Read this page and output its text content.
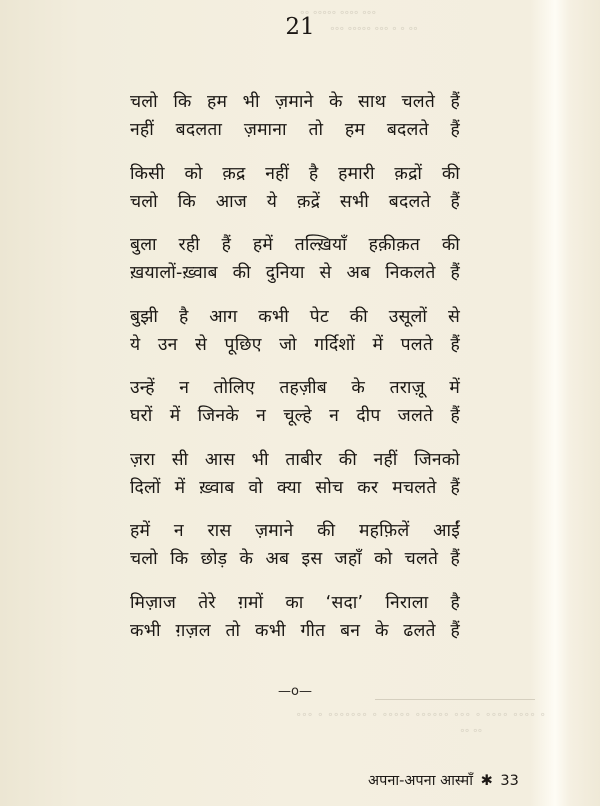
॰॰॰ ॰॰॰॰ ॰॰॰॰॰ ॰॰
॰॰ ॰ ॰ ॰॰॰ ॰॰॰॰॰ ॰॰॰
॰ ॰॰॰॰ ॰॰॰॰ ॰ ॰॰॰ ॰॰॰॰॰॰ ॰॰॰॰॰ ॰ ॰॰॰॰॰॰॰ ॰ ॰॰॰
॰॰ ॰॰
21
चलो कि हम भी ज़माने के साथ चलते हैं
नहीं बदलता ज़माना तो हम बदलते हैं
किसी को क़द्र नहीं है हमारी क़द्रों की
चलो कि आज ये क़द्रें सभी बदलते हैं
बुला रही हैं हमें तल्ख़ियाँ हक़ीक़त की
ख़यालों-ख़्वाब की दुनिया से अब निकलते हैं
बुझी है आग कभी पेट की उसूलों से
ये उन से पूछिए जो गर्दिशों में पलते हैं
उन्हें न तोलिए तहज़ीब के तराज़ू में
घरों में जिनके न चूल्हे न दीप जलते हैं
ज़रा सी आस भी ताबीर की नहीं जिनको
दिलों में ख़्वाब वो क्या सोच कर मचलते हैं
हमें न रास ज़माने की महफ़िलें आईं
चलो कि छोड़ के अब इस जहाँ को चलते हैं
मिज़ाज तेरे ग़मों का ‘सदा’ निराला है
कभी ग़ज़ल तो कभी गीत बन के ढलते हैं
—o—
अपना-अपना आस्माँ ✱ 33
